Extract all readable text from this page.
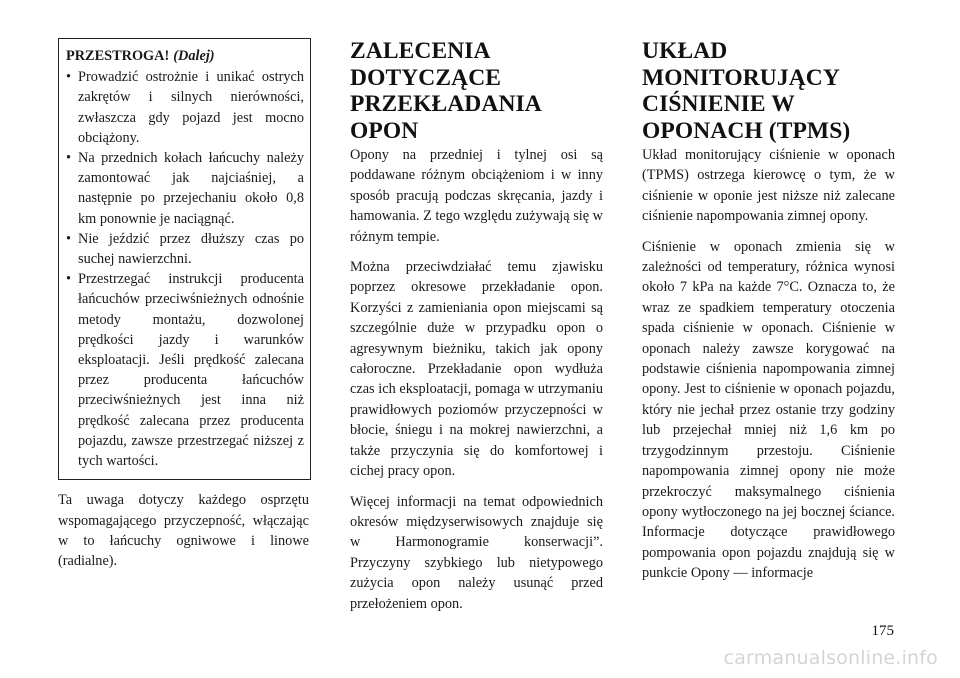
PRZESTROGA! (Dalej)
• Prowadzić ostrożnie i unikać ostrych zakrętów i silnych nierówności, zwłaszcza gdy pojazd jest mocno obciążony.
• Na przednich kołach łańcuchy należy zamontować jak najciaśniej, a następnie po przejechaniu około 0,8 km ponownie je naciągnąć.
• Nie jeździć przez dłuższy czas po suchej nawierzchni.
• Przestrzegać instrukcji producenta łańcuchów przeciwśnieżnych odnośnie metody montażu, dozwolonej prędkości jazdy i warunków eksploatacji. Jeśli prędkość zalecana przez producenta łańcuchów przeciwśnieżnych jest inna niż prędkość zalecana przez producenta pojazdu, zawsze przestrzegać niższej z tych wartości.

Ta uwaga dotyczy każdego osprzętu wspomagającego przyczepność, włączając w to łańcuchy ogniwowe i linowe (radialne).

ZALECENIA DOTYCZĄCE PRZEKŁADANIA OPON

Opony na przedniej i tylnej osi są poddawane różnym obciążeniom i w inny sposób pracują podczas skręcania, jazdy i hamowania. Z tego względu zużywają się w różnym tempie.

Można przeciwdziałać temu zjawisku poprzez okresowe przekładanie opon. Korzyści z zamieniania opon miejscami są szczególnie duże w przypadku opon o agresywnym bieżniku, takich jak opony całoroczne. Przekładanie opon wydłuża czas ich eksploatacji, pomaga w utrzymaniu prawidłowych poziomów przyczepności w błocie, śniegu i na mokrej nawierzchni, a także przyczynia się do komfortowej i cichej pracy opon.

Więcej informacji na temat odpowiednich okresów międzyserwisowych znajduje się w Harmonogramie konserwacji”. Przyczyny szybkiego lub nietypowego zużycia opon należy usunąć przed przełożeniem opon.

UKŁAD MONITORUJĄCY CIŚNIENIE W OPONACH (TPMS)

Układ monitorujący ciśnienie w oponach (TPMS) ostrzega kierowcę o tym, że w ciśnienie w oponie jest niższe niż zalecane ciśnienie napompowania zimnej opony.

Ciśnienie w oponach zmienia się w zależności od temperatury, różnica wynosi około 7 kPa na każde 7°C. Oznacza to, że wraz ze spadkiem temperatury otoczenia spada ciśnienie w oponach. Ciśnienie w oponach należy zawsze korygować na podstawie ciśnienia napompowania zimnej opony. Jest to ciśnienie w oponach pojazdu, który nie jechał przez ostanie trzy godziny lub przejechał mniej niż 1,6 km po trzygodzinnym przestoju. Ciśnienie napompowania zimnej opony nie może przekroczyć maksymalnego ciśnienia opony wytłoczonego na jej bocznej ściance. Informacje dotyczące prawidłowego pompowania opon pojazdu znajdują się w punkcie Opony — informacje

175
carmanualsonline.info
